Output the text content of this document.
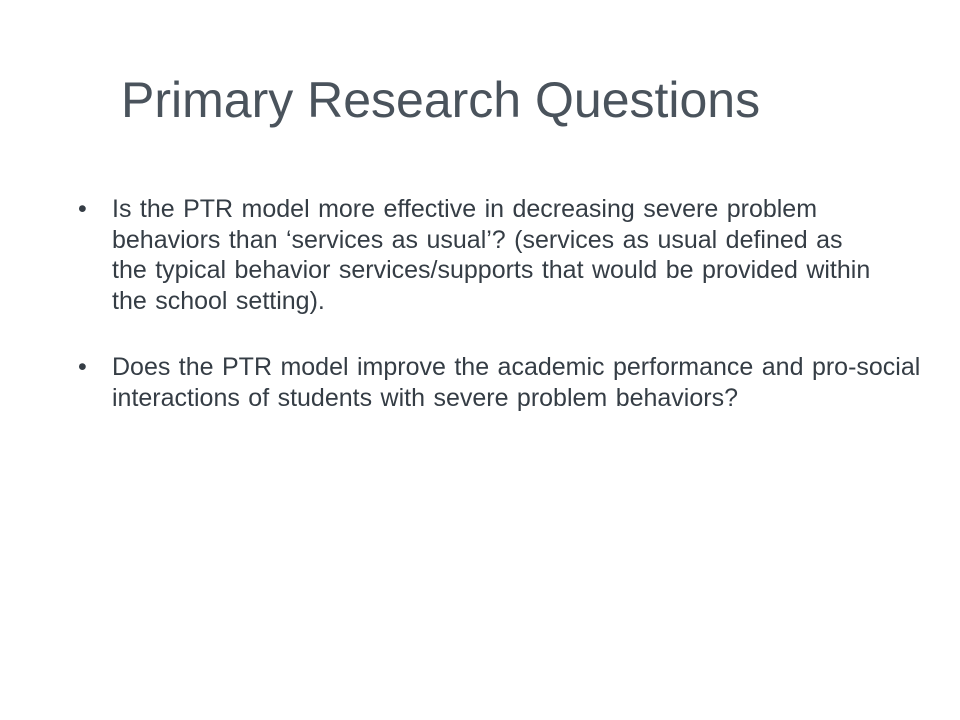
Primary Research Questions
•	Is the PTR model more effective in decreasing severe problem behaviors than ‘services as usual’? (services as usual defined as the typical behavior services/supports that would be provided within the school setting).
•	Does the PTR model improve the academic performance and pro-social interactions of students with severe problem behaviors?
